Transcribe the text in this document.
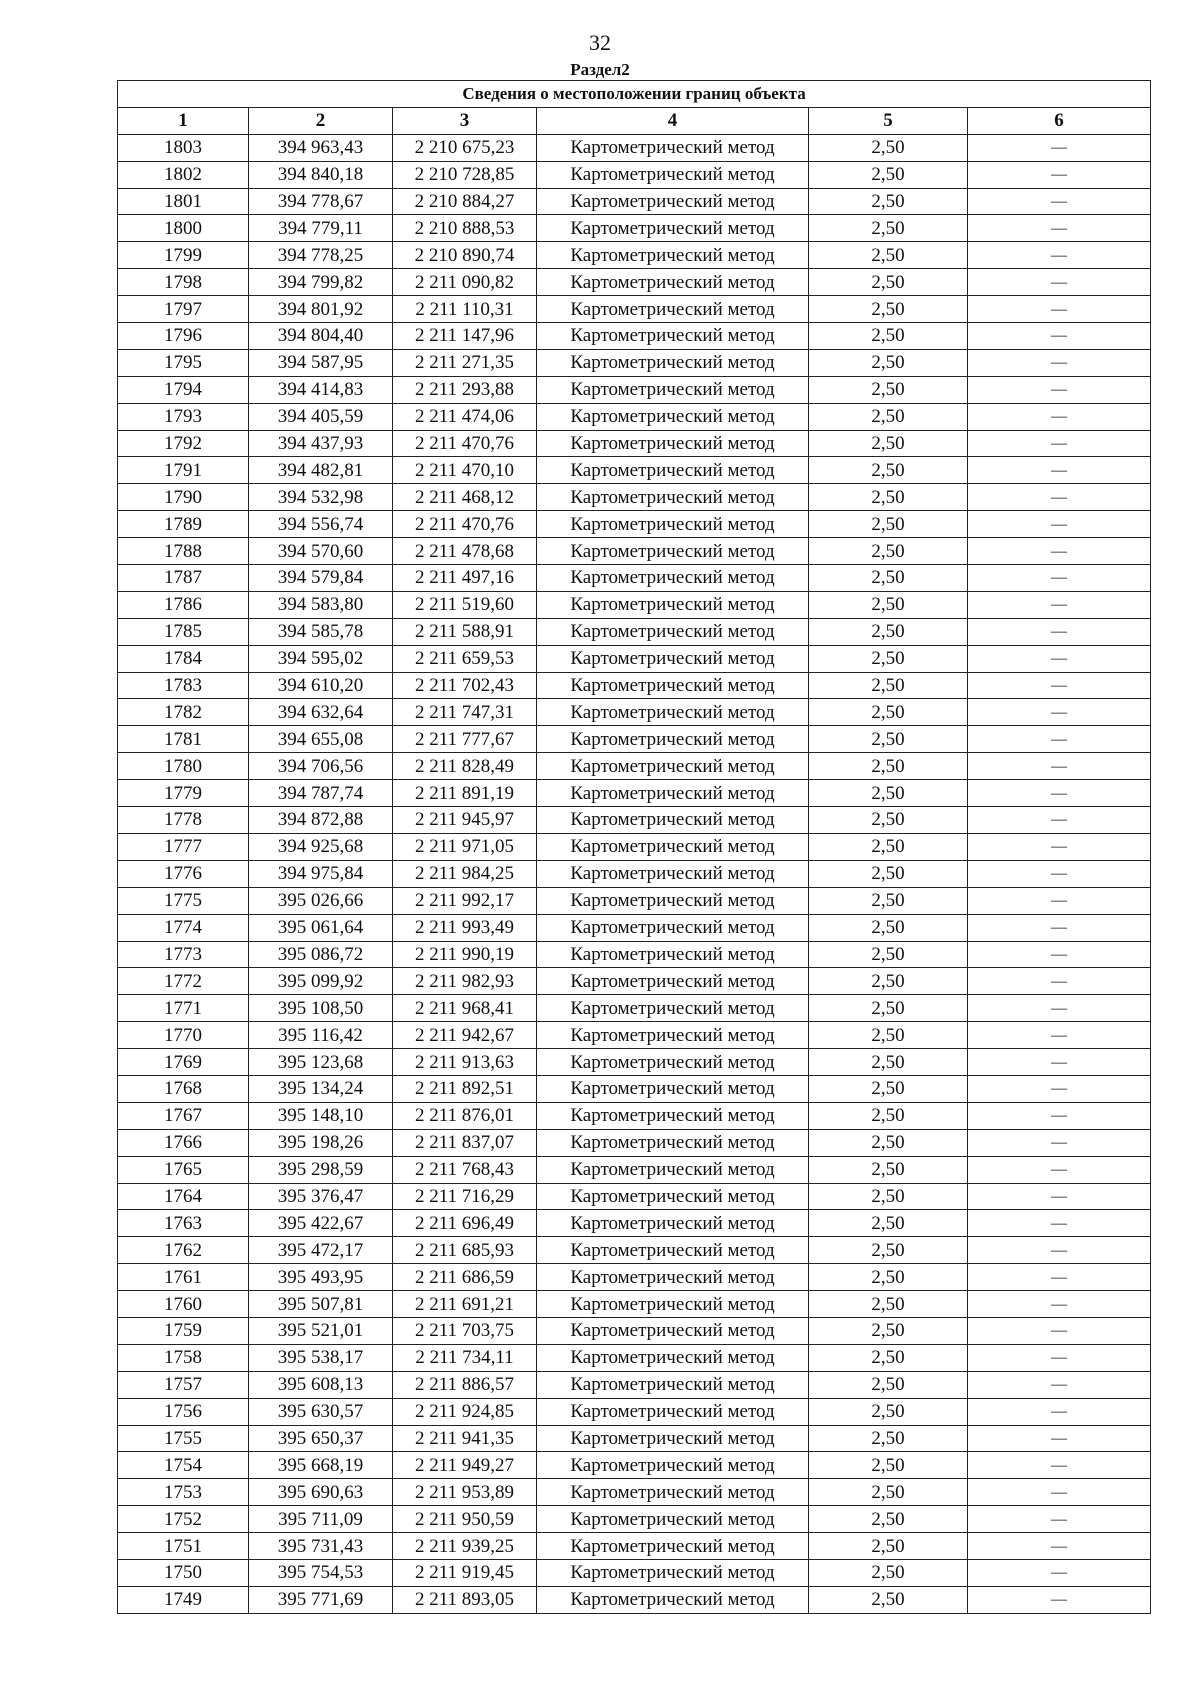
32
Раздел2
Сведения о местоположении границ объекта					
1	2	3	4	5	6
1803	394 963,43	2 210 675,23	Картометрический метод	2,50	—
1802	394 840,18	2 210 728,85	Картометрический метод	2,50	—
1801	394 778,67	2 210 884,27	Картометрический метод	2,50	—
1800	394 779,11	2 210 888,53	Картометрический метод	2,50	—
1799	394 778,25	2 210 890,74	Картометрический метод	2,50	—
1798	394 799,82	2 211 090,82	Картометрический метод	2,50	—
1797	394 801,92	2 211 110,31	Картометрический метод	2,50	—
1796	394 804,40	2 211 147,96	Картометрический метод	2,50	—
1795	394 587,95	2 211 271,35	Картометрический метод	2,50	—
1794	394 414,83	2 211 293,88	Картометрический метод	2,50	—
1793	394 405,59	2 211 474,06	Картометрический метод	2,50	—
1792	394 437,93	2 211 470,76	Картометрический метод	2,50	—
1791	394 482,81	2 211 470,10	Картометрический метод	2,50	—
1790	394 532,98	2 211 468,12	Картометрический метод	2,50	—
1789	394 556,74	2 211 470,76	Картометрический метод	2,50	—
1788	394 570,60	2 211 478,68	Картометрический метод	2,50	—
1787	394 579,84	2 211 497,16	Картометрический метод	2,50	—
1786	394 583,80	2 211 519,60	Картометрический метод	2,50	—
1785	394 585,78	2 211 588,91	Картометрический метод	2,50	—
1784	394 595,02	2 211 659,53	Картометрический метод	2,50	—
1783	394 610,20	2 211 702,43	Картометрический метод	2,50	—
1782	394 632,64	2 211 747,31	Картометрический метод	2,50	—
1781	394 655,08	2 211 777,67	Картометрический метод	2,50	—
1780	394 706,56	2 211 828,49	Картометрический метод	2,50	—
1779	394 787,74	2 211 891,19	Картометрический метод	2,50	—
1778	394 872,88	2 211 945,97	Картометрический метод	2,50	—
1777	394 925,68	2 211 971,05	Картометрический метод	2,50	—
1776	394 975,84	2 211 984,25	Картометрический метод	2,50	—
1775	395 026,66	2 211 992,17	Картометрический метод	2,50	—
1774	395 061,64	2 211 993,49	Картометрический метод	2,50	—
1773	395 086,72	2 211 990,19	Картометрический метод	2,50	—
1772	395 099,92	2 211 982,93	Картометрический метод	2,50	—
1771	395 108,50	2 211 968,41	Картометрический метод	2,50	—
1770	395 116,42	2 211 942,67	Картометрический метод	2,50	—
1769	395 123,68	2 211 913,63	Картометрический метод	2,50	—
1768	395 134,24	2 211 892,51	Картометрический метод	2,50	—
1767	395 148,10	2 211 876,01	Картометрический метод	2,50	—
1766	395 198,26	2 211 837,07	Картометрический метод	2,50	—
1765	395 298,59	2 211 768,43	Картометрический метод	2,50	—
1764	395 376,47	2 211 716,29	Картометрический метод	2,50	—
1763	395 422,67	2 211 696,49	Картометрический метод	2,50	—
1762	395 472,17	2 211 685,93	Картометрический метод	2,50	—
1761	395 493,95	2 211 686,59	Картометрический метод	2,50	—
1760	395 507,81	2 211 691,21	Картометрический метод	2,50	—
1759	395 521,01	2 211 703,75	Картометрический метод	2,50	—
1758	395 538,17	2 211 734,11	Картометрический метод	2,50	—
1757	395 608,13	2 211 886,57	Картометрический метод	2,50	—
1756	395 630,57	2 211 924,85	Картометрический метод	2,50	—
1755	395 650,37	2 211 941,35	Картометрический метод	2,50	—
1754	395 668,19	2 211 949,27	Картометрический метод	2,50	—
1753	395 690,63	2 211 953,89	Картометрический метод	2,50	—
1752	395 711,09	2 211 950,59	Картометрический метод	2,50	—
1751	395 731,43	2 211 939,25	Картометрический метод	2,50	—
1750	395 754,53	2 211 919,45	Картометрический метод	2,50	—
1749	395 771,69	2 211 893,05	Картометрический метод	2,50	—
